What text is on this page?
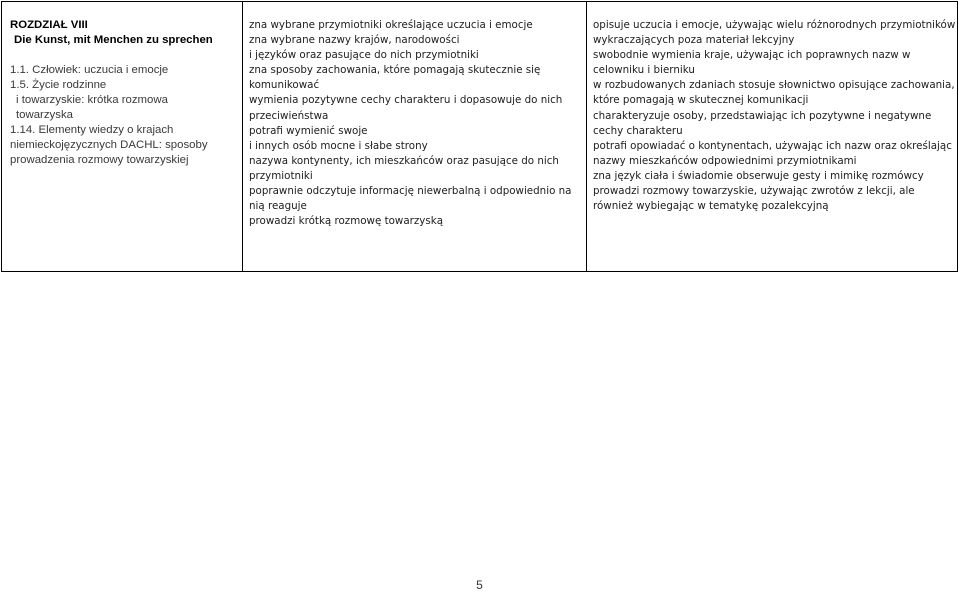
ROZDZIAŁ VIII
Die Kunst, mit Menchen zu sprechen
1.1. Człowiek: uczucia i emocje
1.5. Życie rodzinne
i towarzyskie: krótka rozmowa
towarzyska
1.14. Elementy wiedzy o krajach
niemieckojęzycznych DACHL: sposoby
prowadzenia rozmowy towarzyskiej
zna wybrane przymiotniki określające uczucia i emocje
zna wybrane nazwy krajów, narodowości
i języków oraz pasujące do nich przymiotniki
zna sposoby zachowania, które pomagają skutecznie się
komunikować
wymienia pozytywne cechy charakteru i dopasowuje do nich
przeciwieństwa
potrafi wymienić swoje
i innych osób mocne i słabe strony
nazywa kontynenty, ich mieszkańców oraz pasujące do nich
przymiotniki
poprawnie odczytuje informację niewerbalną i odpowiednio na
nią reaguje
prowadzi krótką rozmowę towarzyską
opisuje uczucia i emocje, używając wielu różnorodnych przymiotników
wykraczających poza materiał lekcyjny
swobodnie wymienia kraje, używając ich poprawnych nazw w
celowniku i bierniku
w rozbudowanych zdaniach stosuje słownictwo opisujące zachowania,
które pomagają w skutecznej komunikacji
charakteryzuje osoby, przedstawiając ich pozytywne i negatywne
cechy charakteru
potrafi opowiadać o kontynentach, używając ich nazw oraz określając
nazwy mieszkańców odpowiednimi przymiotnikami
zna język ciała i świadomie obserwuje gesty i mimikę rozmówcy
prowadzi rozmowy towarzyskie, używając zwrotów z lekcji, ale
również wybiegając w tematykę pozalekcyjną
5
